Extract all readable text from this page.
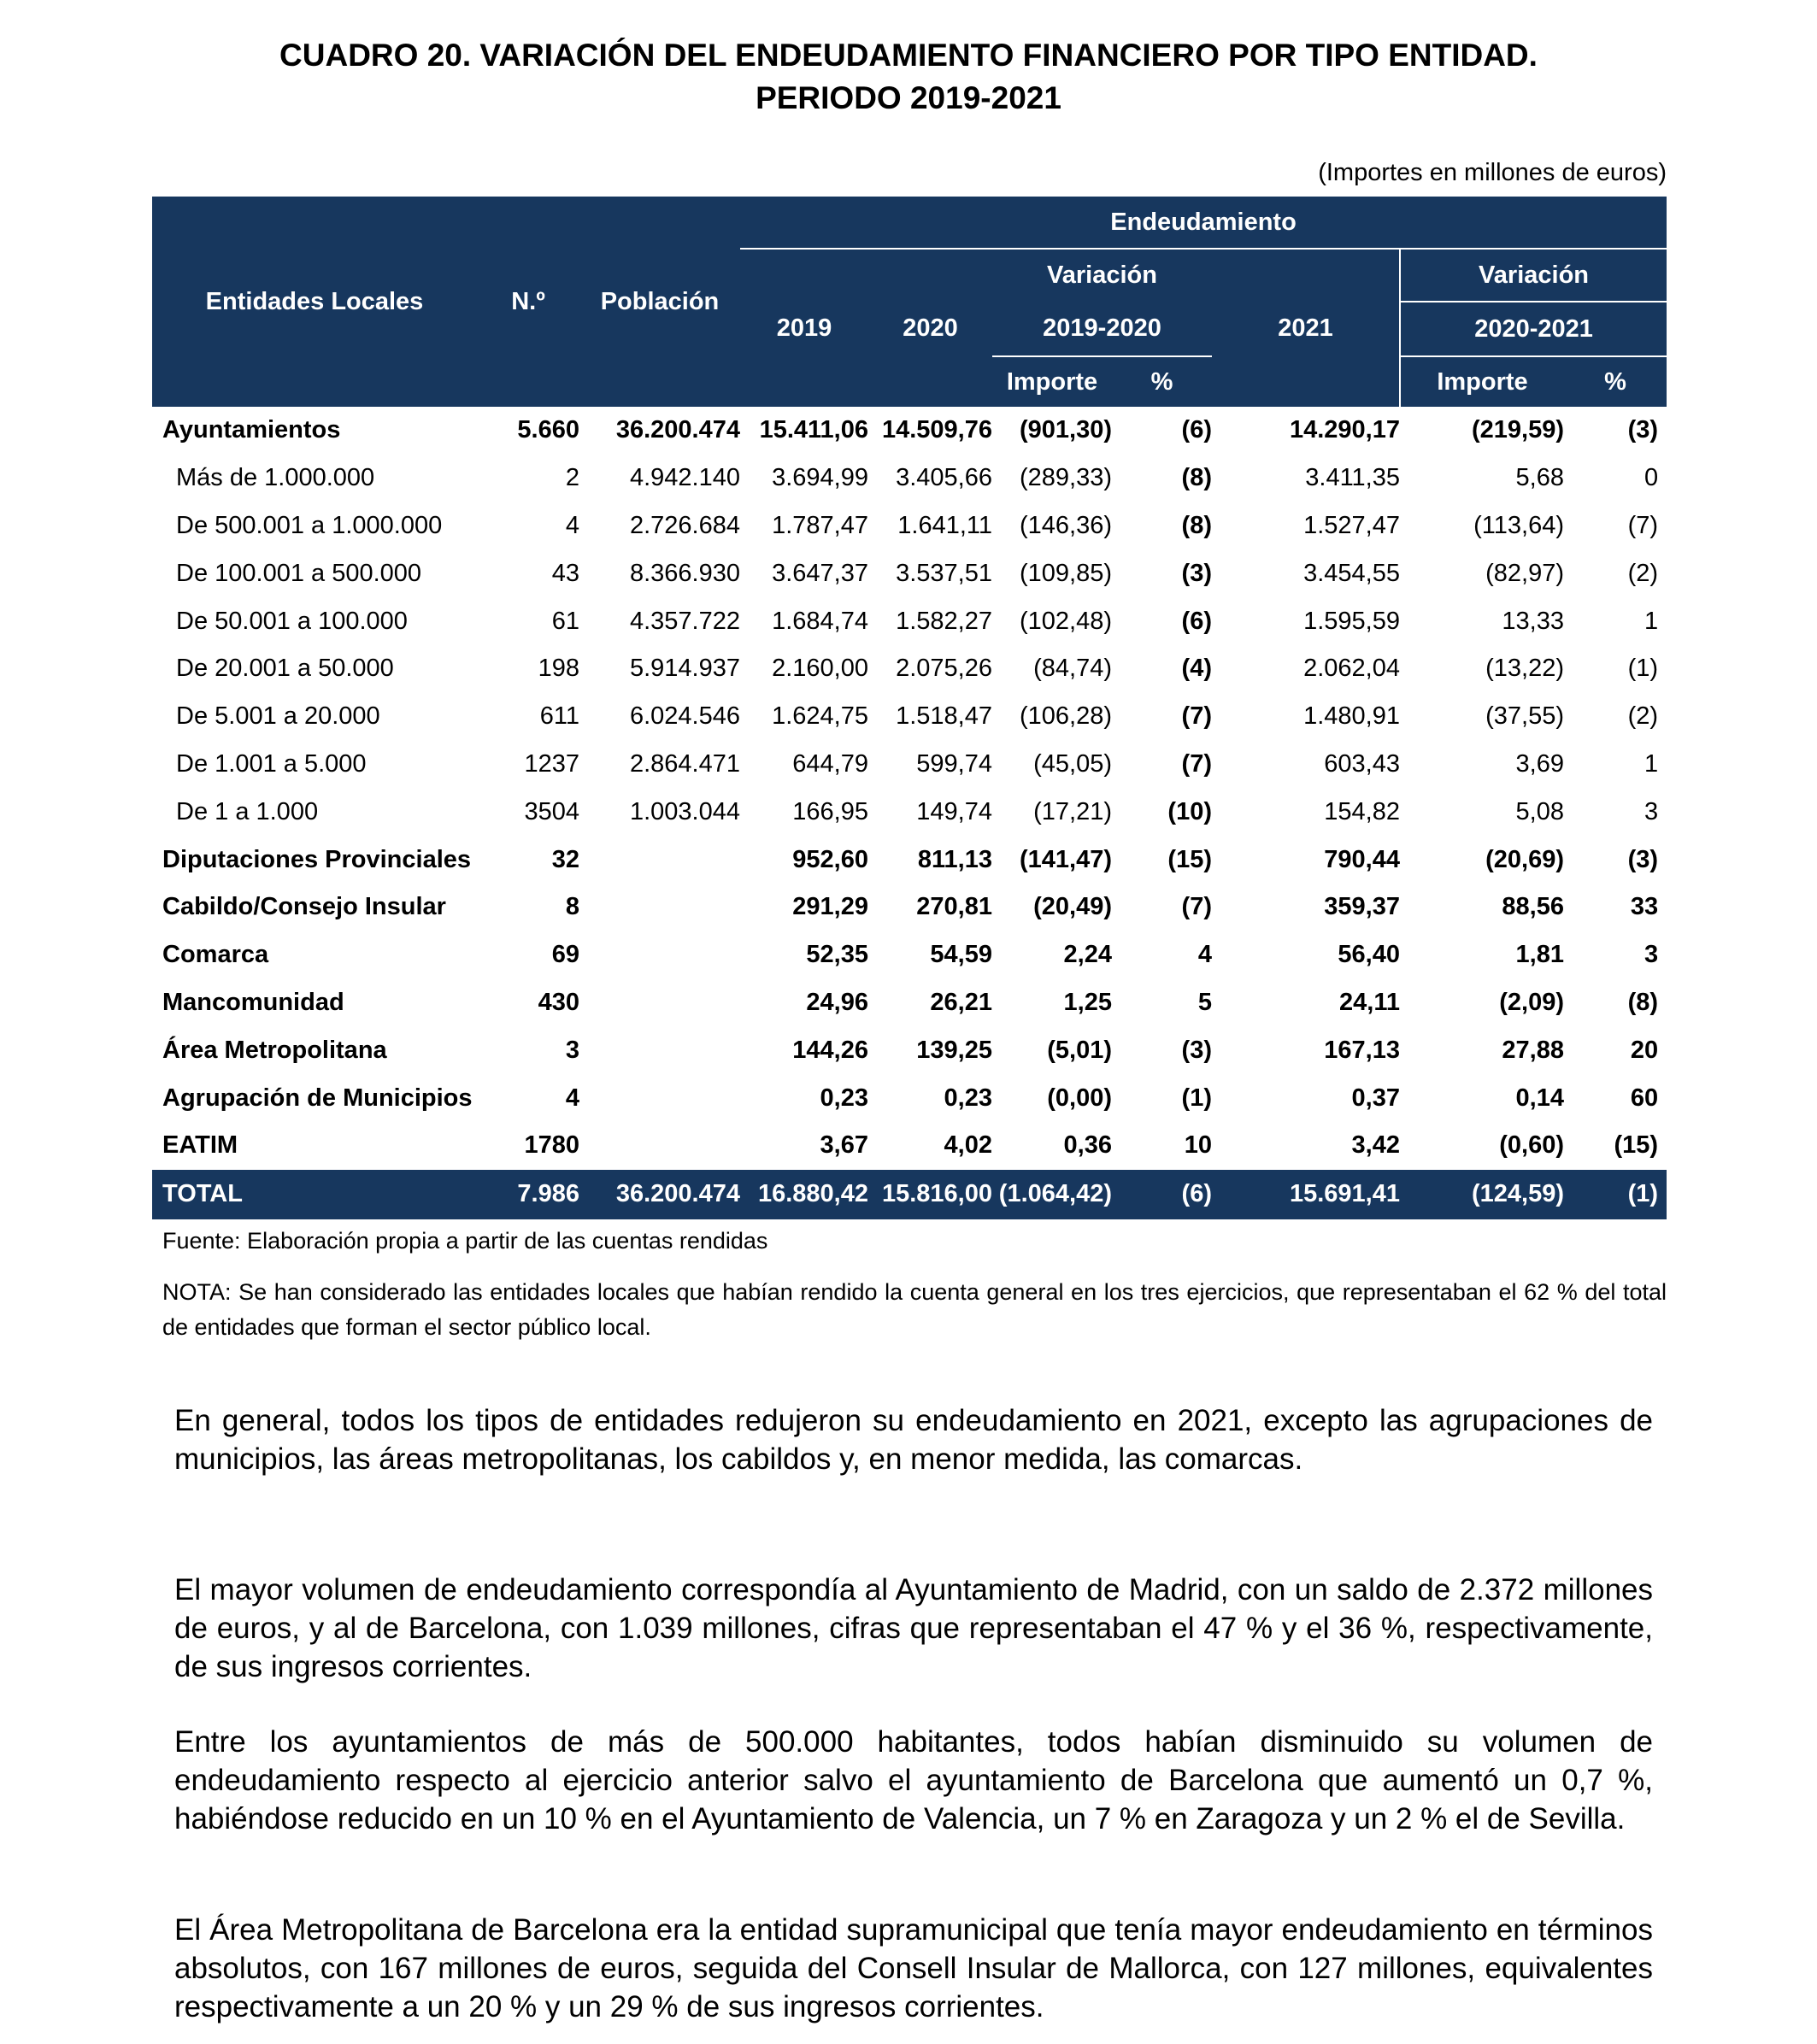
CUADRO 20. VARIACIÓN DEL ENDEUDAMIENTO FINANCIERO POR TIPO ENTIDAD.
PERIODO 2019-2021
(Importes en millones de euros)
Entidades Locales	N.º	Población	Endeudamiento						
			2019	2020	Variación		2021	Variación	
					2019-2020			2020-2021	
					Importe	%		Importe	%
Ayuntamientos	5.660	36.200.474	15.411,06	14.509,76	(901,30)	(6)	14.290,17	(219,59)	(3)
Más de 1.000.000	2	4.942.140	3.694,99	3.405,66	(289,33)	(8)	3.411,35	5,68	0
De 500.001 a 1.000.000	4	2.726.684	1.787,47	1.641,11	(146,36)	(8)	1.527,47	(113,64)	(7)
De 100.001 a 500.000	43	8.366.930	3.647,37	3.537,51	(109,85)	(3)	3.454,55	(82,97)	(2)
De 50.001 a 100.000	61	4.357.722	1.684,74	1.582,27	(102,48)	(6)	1.595,59	13,33	1
De 20.001 a 50.000	198	5.914.937	2.160,00	2.075,26	(84,74)	(4)	2.062,04	(13,22)	(1)
De 5.001 a 20.000	611	6.024.546	1.624,75	1.518,47	(106,28)	(7)	1.480,91	(37,55)	(2)
De 1.001 a 5.000	1237	2.864.471	644,79	599,74	(45,05)	(7)	603,43	3,69	1
De 1 a 1.000	3504	1.003.044	166,95	149,74	(17,21)	(10)	154,82	5,08	3
Diputaciones Provinciales	32		952,60	811,13	(141,47)	(15)	790,44	(20,69)	(3)
Cabildo/Consejo Insular	8		291,29	270,81	(20,49)	(7)	359,37	88,56	33
Comarca	69		52,35	54,59	2,24	4	56,40	1,81	3
Mancomunidad	430		24,96	26,21	1,25	5	24,11	(2,09)	(8)
Área Metropolitana	3		144,26	139,25	(5,01)	(3)	167,13	27,88	20
Agrupación de Municipios	4		0,23	0,23	(0,00)	(1)	0,37	0,14	60
EATIM	1780		3,67	4,02	0,36	10	3,42	(0,60)	(15)
TOTAL	7.986	36.200.474	16.880,42	15.816,00	(1.064,42)	(6)	15.691,41	(124,59)	(1)
Fuente: Elaboración propia a partir de las cuentas rendidas
NOTA: Se han considerado las entidades locales que habían rendido la cuenta general en los tres ejercicios, que representaban el 62 % del total de entidades que forman el sector público local.

En general, todos los tipos de entidades redujeron su endeudamiento en 2021, excepto las agrupaciones de municipios, las áreas metropolitanas, los cabildos y, en menor medida, las comarcas.

El mayor volumen de endeudamiento correspondía al Ayuntamiento de Madrid, con un saldo de 2.372 millones de euros, y al de Barcelona, con 1.039 millones, cifras que representaban el 47 % y el 36 %, respectivamente, de sus ingresos corrientes.

Entre los ayuntamientos de más de 500.000 habitantes, todos habían disminuido su volumen de endeudamiento respecto al ejercicio anterior salvo el ayuntamiento de Barcelona que aumentó un 0,7 %, habiéndose reducido en un 10 % en el Ayuntamiento de Valencia, un 7 % en Zaragoza y un 2 % el de Sevilla.

El Área Metropolitana de Barcelona era la entidad supramunicipal que tenía mayor endeudamiento en términos absolutos, con 167 millones de euros, seguida del Consell Insular de Mallorca, con 127 millones, equivalentes respectivamente a un 20 % y un 29 % de sus ingresos corrientes.
